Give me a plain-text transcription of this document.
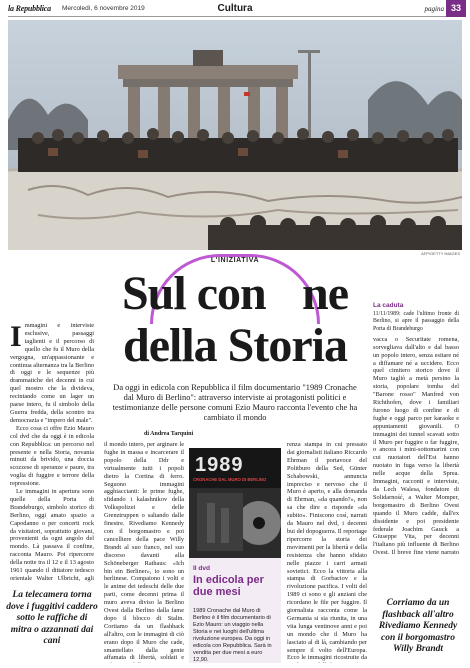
la Repubblica Mercoledì, 6 novembre 2019	Cultura	pagina 33
AFP/GETTY IMAGES
L'INIZIATIVA
Sul con ne
della Storia
Da oggi in edicola con Repubblica il film documentario "1989 Cronache dal Muro di Berlino": attraverso interviste ai protagonisti politici e testimonianze delle persone comuni Ezio Mauro racconta l'evento che ha cambiato il mondo
I mmagini e interviste esclusive, passaggi taglienti e il percorso di quello che fu il Muro della vergogna, un'appassionante e continua alternanza tra la Berlino di oggi e le sequenze più drammatiche dei decenni in cui quel mostro che la divideva, recintando come un lager un paese intero, fu il simbolo della Guerra fredda, della scontro tra democrazia e "impero del male".

Ecco cosa ci offre Ezio Mauro col dvd che da oggi è in edicola con Repubblica: un percorso nel presente e nella Storia, novanta minuti da brivido, una doccia scozzese di speranze e paure, tra voglia di fuggire e terrore della repressione.

Le immagini in apertura sono quelle della Porta di Brandeburgo, simbolo storico di Berlino, oggi amato spazio a Capodanno o per concerti rock da visitatori, soprattutto giovani, provenienti da ogni angolo del mondo. Là passava il confine, racconta Mauro. Poi ripercorre della notte tra il 12 e il 13 agosto 1961 quando il dittatore tedesco orientale Walter Ulbricht, agli

La telecamera torna dove i fuggitivi caddero sotto le raffiche di mitra o azzannati dai cani
di Andrea Tarquini
il mondo intero, per arginare le fughe in massa e incarcerare il popolo della Ddr e virtualmente tutti i popoli dietro la Cortina di ferro. Seguono immagini agghiaccianti: le prime fughe, sfidando i kalashnikov della Volkspolizei e delle Grenztruppen o saltando dalle finestre. Rivediamo Kennedy con il borgomastro e poi cancelliere della pace Willy Brandt al suo fianco, nel suo discorso davanti alla Schöneberger Rathaus: «Ich bin ein Berliner», io sono un berlinese. Compaiono i volti e le anime dei tedeschi delle due parti, come decenni prima il muro aveva diviso la Berlino Ovest dalla Berlino dalla fame dopo il blocco di Stalin. Cortiamo da un flashback all'altro, con le immagini di ciò erano dopo il Muro che cade, smantellato dalla gente affamata di libertà, soldati e
1989
CRONACHE DAL MURO DI BERLINO
Il dvd
In edicola per due mesi
1989 Cronache dal Muro di Berlino è il film documentario di Ezio Mauro: un viaggio nella Storia e nei luoghi dell'ultima rivoluzione europea. Da oggi in edicola con Repubblica. Sarà in vendita per due mesi a euro 12,90.
renza stampa in cui pressato dai giornalisti italiano Riccardo Ehrman il portavoce del Politburo della Sed, Günter Schabowski, annuncia impreciso e nervoso che il Muro è aperto, e alla domanda di Ehrman, «da quando?», non sa che dire e risponde «da subito». Finiscono così, narrati da Mauro nel dvd, i decenni bui del dopoguerra. Il reportage ripercorre la storia dei movimenti per la libertà e della resistenza che hanno sfidato nelle piazze i carri armati sovietici. Ecco la vittoria alla stampa di Gorbaciov e la rivoluzione pacifica. I volti del 1989 ci sono e gli anziani che ricordano le file per fuggire. Il giornalista racconta come la Germania si sia riunita, in una vita lunga ventinove anni e poi un mondo che il Muro ha lasciato al di là, cambiando per sempre il volto dell'Europa. Ecco le immagini ricostruite da
La caduta
11/11/1989: cade l'ultimo fronte di Berlino, si apre il passaggio della Porta di Brandeburgo
vacca o Securitate romena, sorvegliava dall'alto e dal basso un popolo intero, senza esitare né a diffamare né a uccidere. Ecco quel cimitero storico dove il Muro tagliò a metà persino la storia, popolare tomba del "Barone rosso" Manfred von Richthofen, dove i familiari furono luogo di confine e di fughe e oggi parco per karaoke e appuntamenti giovanili. O immagini dei tunnel scavati sotto il Muro per fuggire o far fuggire, o ancora i mini-sottomarini con cui nuotatori dell'Est hanno nuotato in fuga verso la libertà nelle acque della Sprea. Immagini, racconti e interviste, da Lech Walesa, fondatore di Solidarność, a Walter Momper, borgomastro di Berlino Ovest quando il Muro cadde, dall'ex dissidente e poi presidente federale Joachim Gauck a Giuseppe Vita, per decenni l'italiano più influente di Berlino Ovest. Il breve fine viene narrato
Corriamo da un flashback all'altro Rivediamo Kennedy con il borgomastro Willy Brandt
